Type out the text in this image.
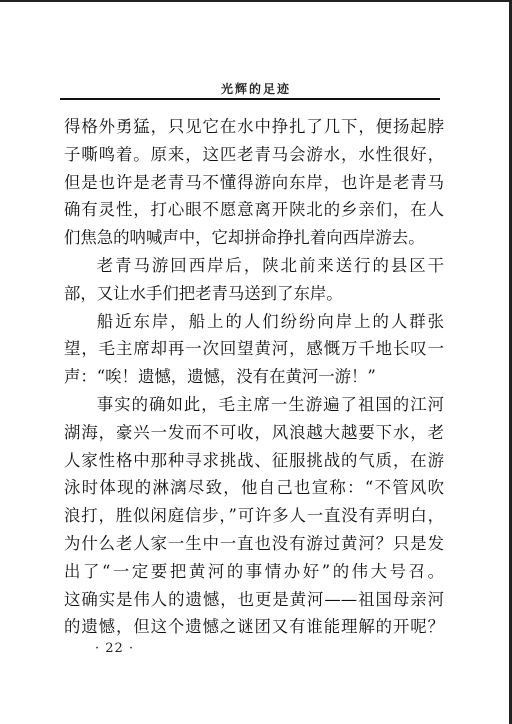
光辉的足迹
得格外勇猛，只见它在水中挣扎了几下，便扬起脖
子嘶鸣着。原来，这匹老青马会游水，水性很好，
但是也许是老青马不懂得游向东岸，也许是老青马
确有灵性，打心眼不愿意离开陕北的乡亲们，在人
们焦急的呐喊声中，它却拼命挣扎着向西岸游去。
老青马游回西岸后，陕北前来送行的县区干
部，又让水手们把老青马送到了东岸。
船近东岸，船上的人们纷纷向岸上的人群张
望，毛主席却再一次回望黄河，感慨万千地长叹一
声：“唉！遗憾，遗憾，没有在黄河一游！”
事实的确如此，毛主席一生游遍了祖国的江河
湖海，豪兴一发而不可收，风浪越大越要下水，老
人家性格中那种寻求挑战、征服挑战的气质，在游
泳时体现的淋漓尽致，他自己也宣称：“不管风吹
浪打，胜似闲庭信步，”可许多人一直没有弄明白，
为什么老人家一生中一直也没有游过黄河？只是发
出了“一定要把黄河的事情办好”的伟大号召。
这确实是伟人的遗憾，也更是黄河——祖国母亲河
的遗憾，但这个遗憾之谜团又有谁能理解的开呢？
· 22 ·
